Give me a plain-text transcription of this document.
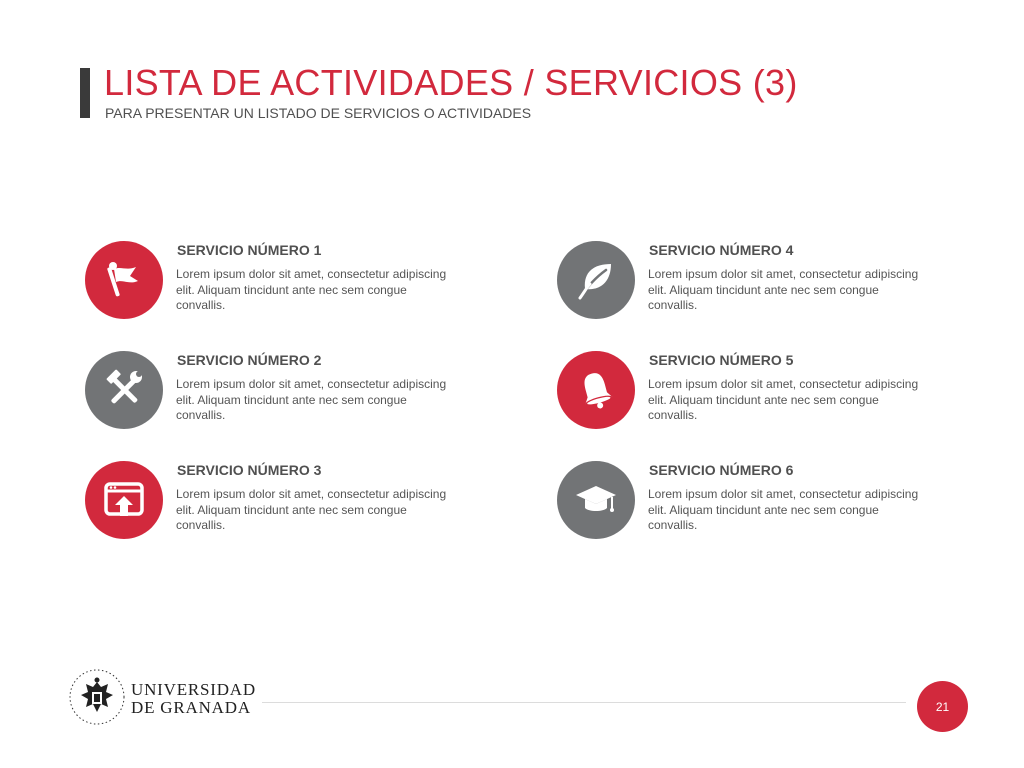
LISTA DE ACTIVIDADES / SERVICIOS (3)
PARA PRESENTAR UN LISTADO DE SERVICIOS O ACTIVIDADES
SERVICIO NÚMERO 1
Lorem ipsum dolor sit amet, consectetur adipiscing elit. Aliquam tincidunt ante nec sem congue convallis.
SERVICIO NÚMERO 2
Lorem ipsum dolor sit amet, consectetur adipiscing elit. Aliquam tincidunt ante nec sem congue convallis.
SERVICIO NÚMERO 3
Lorem ipsum dolor sit amet, consectetur adipiscing elit. Aliquam tincidunt ante nec sem congue convallis.
SERVICIO NÚMERO 4
Lorem ipsum dolor sit amet, consectetur adipiscing elit. Aliquam tincidunt ante nec sem congue convallis.
SERVICIO NÚMERO 5
Lorem ipsum dolor sit amet, consectetur adipiscing elit. Aliquam tincidunt ante nec sem congue convallis.
SERVICIO NÚMERO 6
Lorem ipsum dolor sit amet, consectetur adipiscing elit. Aliquam tincidunt ante nec sem congue convallis.
UNIVERSIDAD
DE GRANADA	21
